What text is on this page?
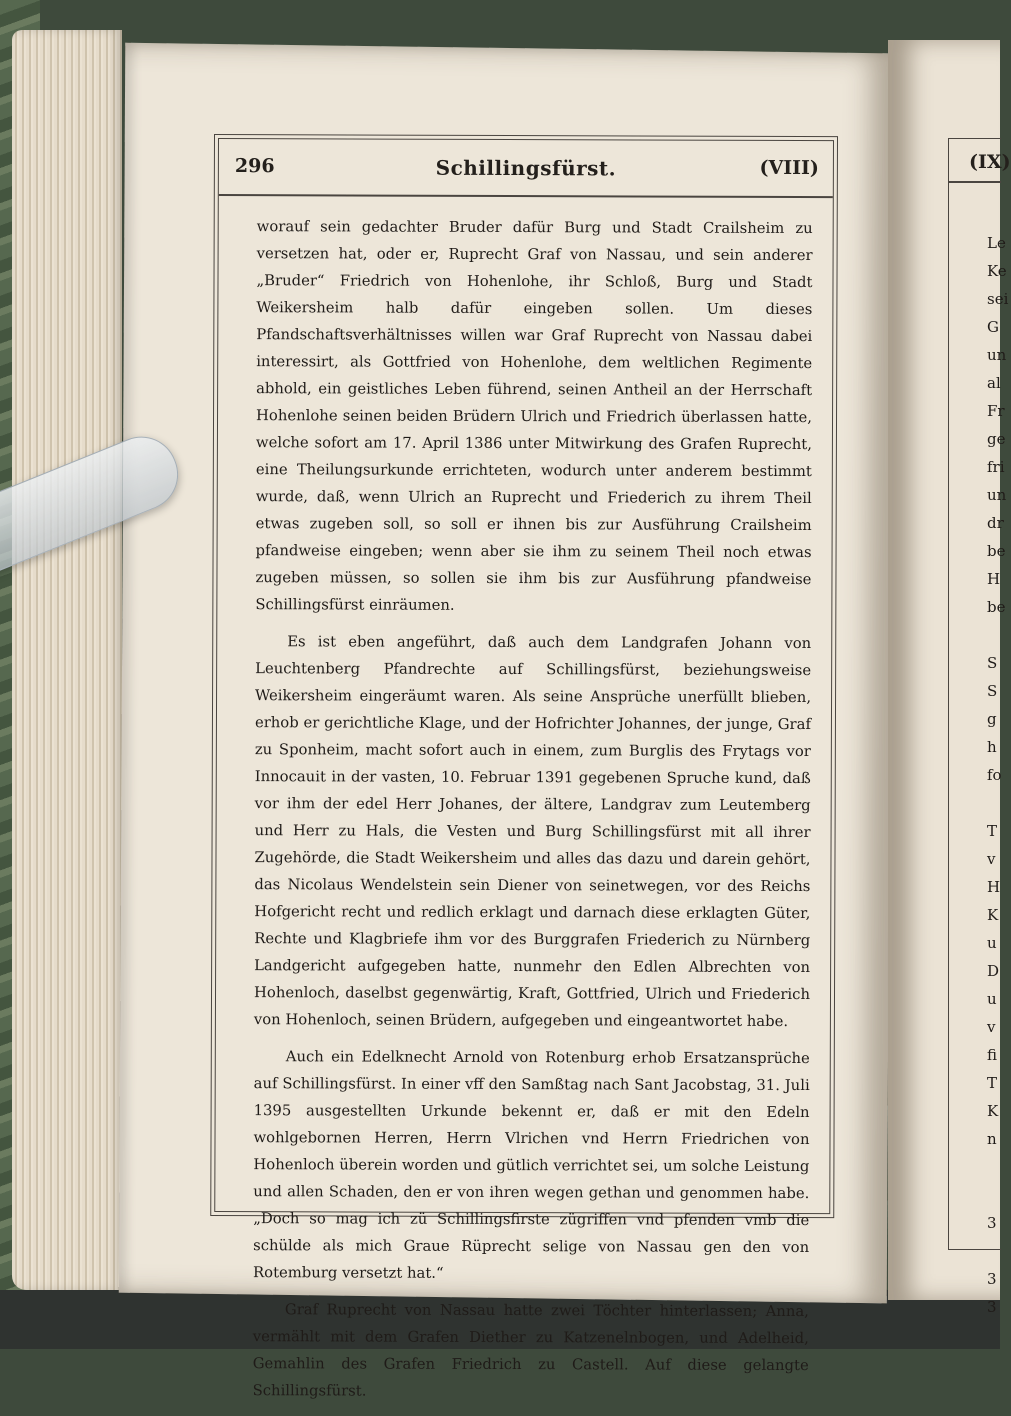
296	Schillingsfürst.	(VIII)

worauf sein gedachter Bruder dafür Burg und Stadt Crailsheim zu versetzen hat, oder er, Ruprecht Graf von Nassau, und sein anderer „Bruder“ Friedrich von Hohenlohe, ihr Schloß, Burg und Stadt Weikersheim halb dafür eingeben sollen. Um dieses Pfandschaftsverhältnisses willen war Graf Ruprecht von Nassau dabei interessirt, als Gottfried von Hohenlohe, dem weltlichen Regimente abhold, ein geistliches Leben führend, seinen Antheil an der Herrschaft Hohenlohe seinen beiden Brüdern Ulrich und Friedrich überlassen hatte, welche sofort am 17. April 1386 unter Mitwirkung des Grafen Ruprecht, eine Theilungsurkunde errichteten, wodurch unter anderem bestimmt wurde, daß, wenn Ulrich an Ruprecht und Friederich zu ihrem Theil etwas zugeben soll, so soll er ihnen bis zur Ausführung Crailsheim pfandweise eingeben; wenn aber sie ihm zu seinem Theil noch etwas zugeben müssen, so sollen sie ihm bis zur Ausführung pfandweise Schillingsfürst einräumen.

Es ist eben angeführt, daß auch dem Landgrafen Johann von Leuchtenberg Pfandrechte auf Schillingsfürst, beziehungsweise Weikersheim eingeräumt waren. Als seine Ansprüche unerfüllt blieben, erhob er gerichtliche Klage, und der Hofrichter Johannes, der junge, Graf zu Sponheim, macht sofort auch in einem, zum Burglis des Frytags vor Innocauit in der vasten, 10. Februar 1391 gegebenen Spruche kund, daß vor ihm der edel Herr Johanes, der ältere, Landgrav zum Leutemberg und Herr zu Hals, die Vesten und Burg Schillingsfürst mit all ihrer Zugehörde, die Stadt Weikersheim und alles das dazu und darein gehört, das Nicolaus Wendelstein sein Diener von seinetwegen, vor des Reichs Hofgericht recht und redlich erklagt und darnach diese erklagten Güter, Rechte und Klagbriefe ihm vor des Burggrafen Friederich zu Nürnberg Landgericht aufgegeben hatte, nunmehr den Edlen Albrechten von Hohenloch, daselbst gegenwärtig, Kraft, Gottfried, Ulrich und Friederich von Hohenloch, seinen Brüdern, aufgegeben und eingeantwortet habe.

Auch ein Edelknecht Arnold von Rotenburg erhob Ersatzansprüche auf Schillingsfürst. In einer vff den Samßtag nach Sant Jacobstag, 31. Juli 1395 ausgestellten Urkunde bekennt er, daß er mit den Edeln wohlgebornen Herren, Herrn Vlrichen vnd Herrn Friedrichen von Hohenloch überein worden und gütlich verrichtet sei, um solche Leistung und allen Schaden, den er von ihren wegen gethan und genommen habe. „Doch so mag ich zü Schillingsfirste zügriffen vnd pfenden vmb die schülde als mich Graue Rüprecht selige von Nassau gen den von Rotemburg versetzt hat.“

Graf Ruprecht von Nassau hatte zwei Töchter hinterlassen; Anna, vermählt mit dem Grafen Diether zu Katzenelnbogen, und Adelheid, Gemahlin des Grafen Friedrich zu Castell. Auf diese gelangte Schillingsfürst.

(IX)
Le
Ke
sei
G
un
al
Fr
ge
fri
un
dr
be
H
be
S
S
g
h
fo
T
v
H
K
u
D
u
v
fi
T
K
n
3
3
3
